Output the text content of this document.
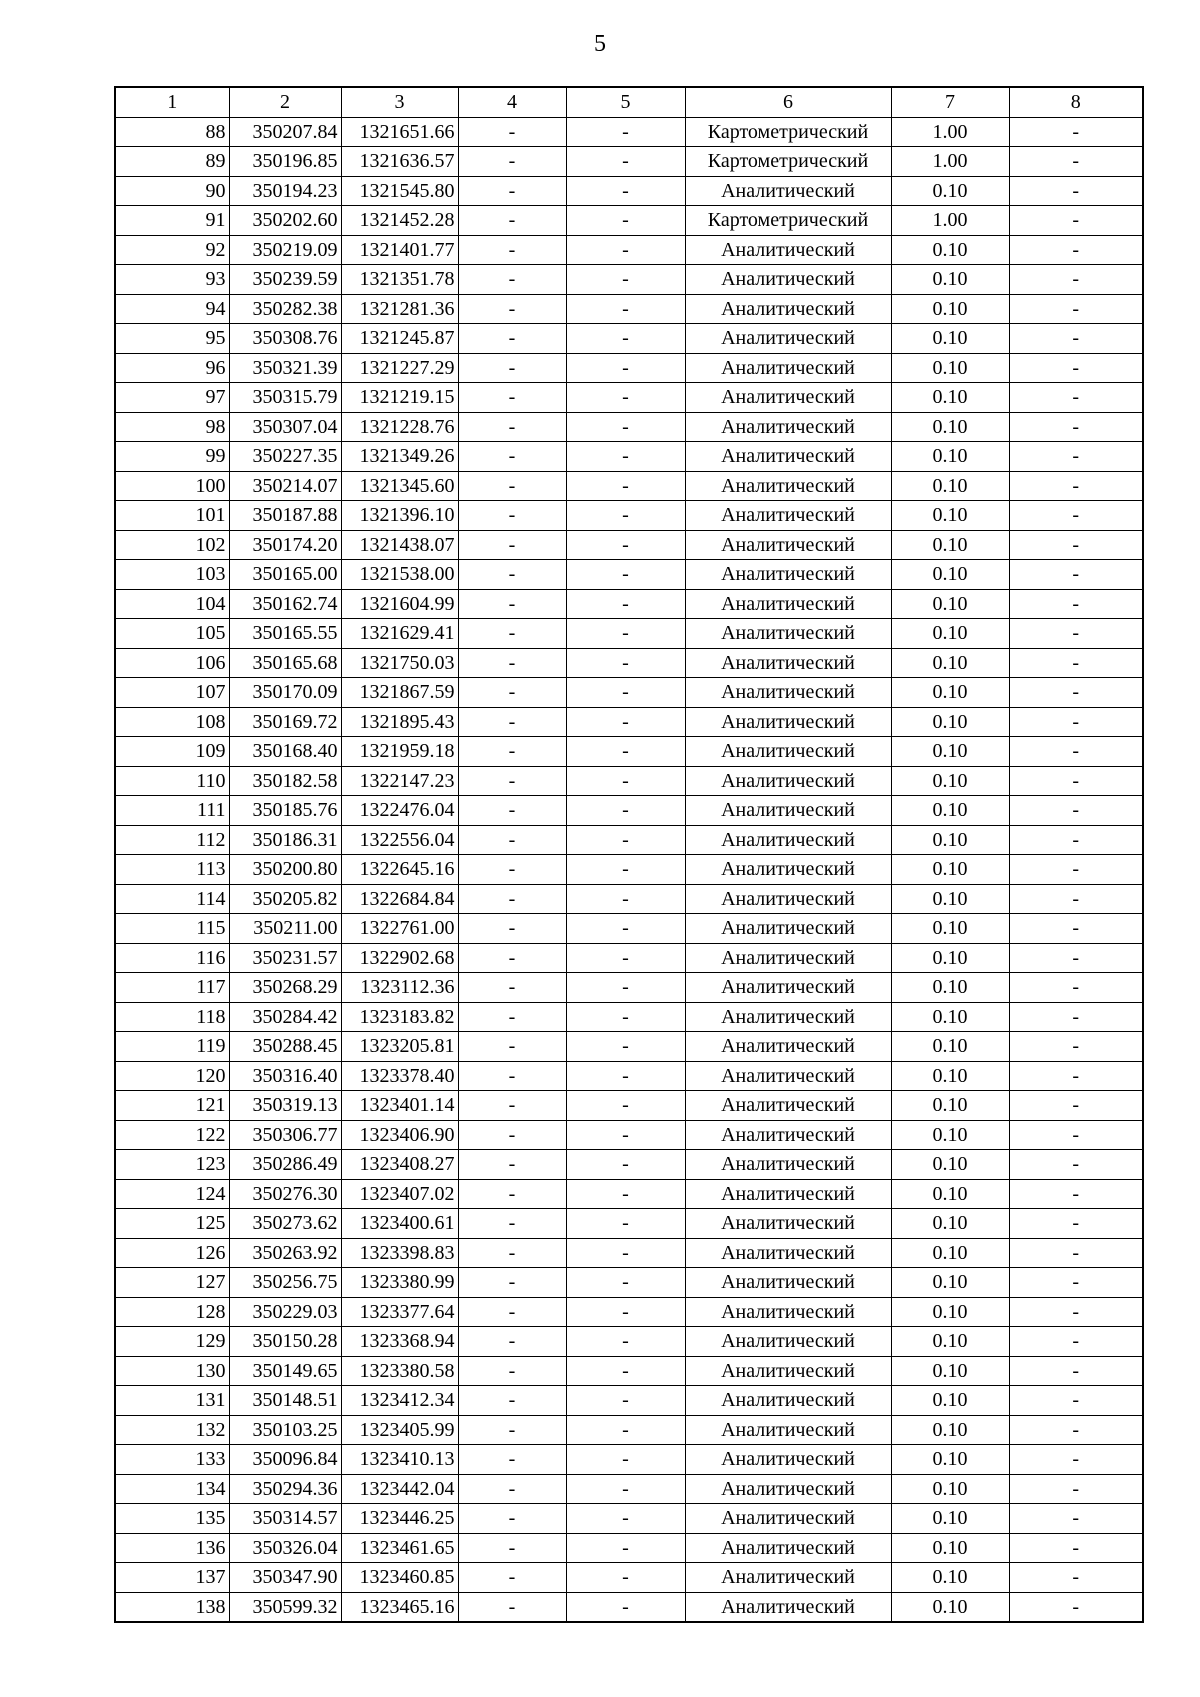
5
1	2	3	4	5	6	7	8
88	350207.84	1321651.66	-	-	Картометрический	1.00	-
89	350196.85	1321636.57	-	-	Картометрический	1.00	-
90	350194.23	1321545.80	-	-	Аналитический	0.10	-
91	350202.60	1321452.28	-	-	Картометрический	1.00	-
92	350219.09	1321401.77	-	-	Аналитический	0.10	-
93	350239.59	1321351.78	-	-	Аналитический	0.10	-
94	350282.38	1321281.36	-	-	Аналитический	0.10	-
95	350308.76	1321245.87	-	-	Аналитический	0.10	-
96	350321.39	1321227.29	-	-	Аналитический	0.10	-
97	350315.79	1321219.15	-	-	Аналитический	0.10	-
98	350307.04	1321228.76	-	-	Аналитический	0.10	-
99	350227.35	1321349.26	-	-	Аналитический	0.10	-
100	350214.07	1321345.60	-	-	Аналитический	0.10	-
101	350187.88	1321396.10	-	-	Аналитический	0.10	-
102	350174.20	1321438.07	-	-	Аналитический	0.10	-
103	350165.00	1321538.00	-	-	Аналитический	0.10	-
104	350162.74	1321604.99	-	-	Аналитический	0.10	-
105	350165.55	1321629.41	-	-	Аналитический	0.10	-
106	350165.68	1321750.03	-	-	Аналитический	0.10	-
107	350170.09	1321867.59	-	-	Аналитический	0.10	-
108	350169.72	1321895.43	-	-	Аналитический	0.10	-
109	350168.40	1321959.18	-	-	Аналитический	0.10	-
110	350182.58	1322147.23	-	-	Аналитический	0.10	-
111	350185.76	1322476.04	-	-	Аналитический	0.10	-
112	350186.31	1322556.04	-	-	Аналитический	0.10	-
113	350200.80	1322645.16	-	-	Аналитический	0.10	-
114	350205.82	1322684.84	-	-	Аналитический	0.10	-
115	350211.00	1322761.00	-	-	Аналитический	0.10	-
116	350231.57	1322902.68	-	-	Аналитический	0.10	-
117	350268.29	1323112.36	-	-	Аналитический	0.10	-
118	350284.42	1323183.82	-	-	Аналитический	0.10	-
119	350288.45	1323205.81	-	-	Аналитический	0.10	-
120	350316.40	1323378.40	-	-	Аналитический	0.10	-
121	350319.13	1323401.14	-	-	Аналитический	0.10	-
122	350306.77	1323406.90	-	-	Аналитический	0.10	-
123	350286.49	1323408.27	-	-	Аналитический	0.10	-
124	350276.30	1323407.02	-	-	Аналитический	0.10	-
125	350273.62	1323400.61	-	-	Аналитический	0.10	-
126	350263.92	1323398.83	-	-	Аналитический	0.10	-
127	350256.75	1323380.99	-	-	Аналитический	0.10	-
128	350229.03	1323377.64	-	-	Аналитический	0.10	-
129	350150.28	1323368.94	-	-	Аналитический	0.10	-
130	350149.65	1323380.58	-	-	Аналитический	0.10	-
131	350148.51	1323412.34	-	-	Аналитический	0.10	-
132	350103.25	1323405.99	-	-	Аналитический	0.10	-
133	350096.84	1323410.13	-	-	Аналитический	0.10	-
134	350294.36	1323442.04	-	-	Аналитический	0.10	-
135	350314.57	1323446.25	-	-	Аналитический	0.10	-
136	350326.04	1323461.65	-	-	Аналитический	0.10	-
137	350347.90	1323460.85	-	-	Аналитический	0.10	-
138	350599.32	1323465.16	-	-	Аналитический	0.10	-
